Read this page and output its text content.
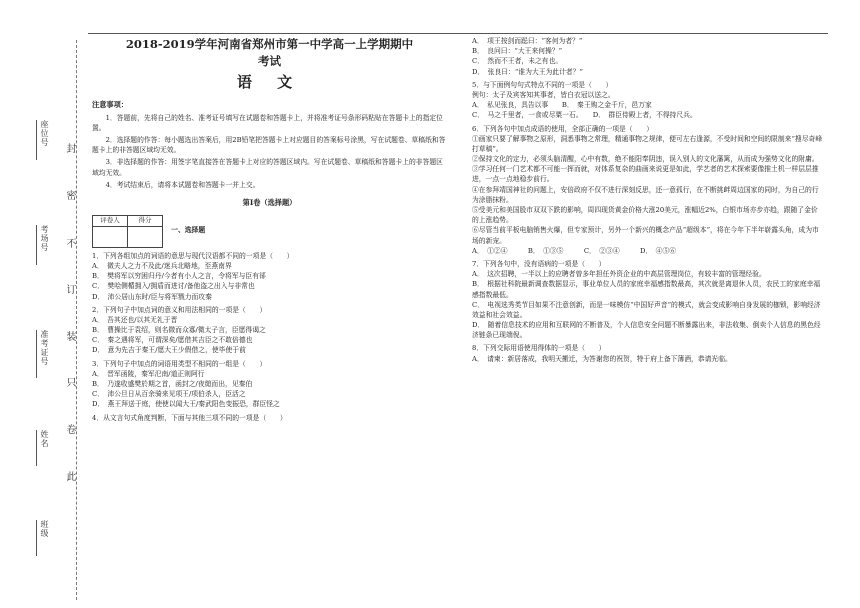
封
密
不
订
装
只
卷
此
座位号
考场号
准考证号
姓名
班级

2018-2019学年河南省郑州市第一中学高一上学期期中

考试

语 文

注意事项：

1．答题前，先将自己的姓名、准考证号填写在试题卷和答题卡上，并将准考证号条形码粘贴在答题卡上的指定位置。

2．选择题的作答：每小题选出答案后，用2B铅笔把答题卡上对应题目的答案标号涂黑，写在试题卷、草稿纸和答题卡上的非答题区域均无效。

3．非选择题的作答：用签字笔直接答在答题卡上对应的答题区域内。写在试题卷、草稿纸和答题卡上的非答题区域均无效。

4．考试结束后，请将本试题卷和答题卡一并上交。

第Ⅰ卷（选择题）
评卷人	得分
	一、选择题

1．下列各组加点的词语的意思与现代汉语都不同的一项是（　　）

A．　微夫人之力不及此/迷兵北略地，至燕南界

B．　樊将军以穷困归丹/今者有小人之言，令将军与臣有郤

C．　樊哙侧楯拥入/拥盾而进讨/备他盗之出入与非常也

D．　沛公居山东时/臣与将军戮力而攻秦

2．下列句子中加点词的意义和用法相同的一项是（　　）

A．　吾其还也/以其无礼于晋

B．　曹操比于袁绍，则名微而众寡/微太子言，臣愿得谒之

C．　秦之遇将军，可谓深矣/愿借其吉臣之不敢倍德也

D．　意为先吉于秦王/愿大王少假借之，使毕使于前

3．下列句子中加点的词语用类型不相同的一组是（　　）

A．　晋军函陵，秦军氾南/道正则阿行

B．　乃遂收盛樊於期之首，函封之/夜缒而出，见秦伯

C．　沛公旦日从百余骑来见项王/项伯杀人，臣活之

D．　燕王拜送于庭，使使以闻大王/秦武阳色变振恐，群臣怪之

4．从文言句式角度判断，下面与其他三项不同的一项是（　　）

A．　项王按剑而跽曰：“客何为者？”

B．　良问曰：“大王来何操？”

C．　然而不王者，未之有也。

D．　张良曰：“谁为大王为此计者？”

5．与下面例句句式特点不同的一项是（　　）

例句：太子及宾客知其事者，皆白衣冠以送之。

A．　私见张良，具告以事　　B．　秦王购之金千斤，邑万家

C．　马之千里者，一食或尽粟一石。　　D．　群臣侍殿上者，不得持尺兵。

6．下列各句中加点成语的使用，全部正确的一项是（　　）

①画家只要了解事物之原形，洞悉事物之常理，精通事物之规律，便可左右逢源，不受时间和空间的限制来“搜尽奇峰打草稿”。

②保持文化的定力，必须头脑清醒，心中有数，绝不能阳奉阴违，误入别人的文化藩篱，从而成为强势文化的附庸。

③学习任何一门艺术都不可能一挥而就，对体系复杂的曲画来说更是如此，学艺者的艺术探索要像推土机一样层层推进，一点一点地稳步前行。

④在参拜靖国神社的问题上，安倍政府不仅不进行深刻反思，还一意孤行，在不断挑衅周边国家的同时，为自己的行为涂脂抹粉。

⑤受美元和美国股市双双下跌的影响，周四现货黄金价格大涨20美元，涨幅近2%，白银市场亦步亦趋，跟随了金价的上涨趋势。

⑥尽管当前平板电脑销售火爆，但专家预计，另外一个新兴的概念产品“超级本”，将在今年下半年崭露头角，成为市场的新宠。

A．　①②④　　　B．　①③⑤　　　C．　②③④　　　D．　④⑤⑥

7．下列各句中，没有语病的一项是（　　）

A．　这次招聘，一半以上的应聘者曾多年担任外资企业的中高层管理岗位，有较丰富的管理经验。

B．　根据社科院最新调查数据显示，事业单位人员的家庭幸福感指数最高，其次就是离退休人员，农民工的家庭幸福感指数最低。

C．　电视选秀类节目如果不注意创新，而是一味模仿“中国好声音”的模式，就会变成影响自身发展的枷锁，影响经济效益和社会效益。

D．　随着信息技术的应用和互联网的不断普及，个人信息安全问题不断暴露出来，非法收集、倒卖个人信息的黑色经济链条已现端倪。

8．下列交际用语使用得体的一项是（　　）

A．　请柬：新居落成，我明天搬迁，为答谢您的祝贺，特于府上备下薄酒，恭请光临。
